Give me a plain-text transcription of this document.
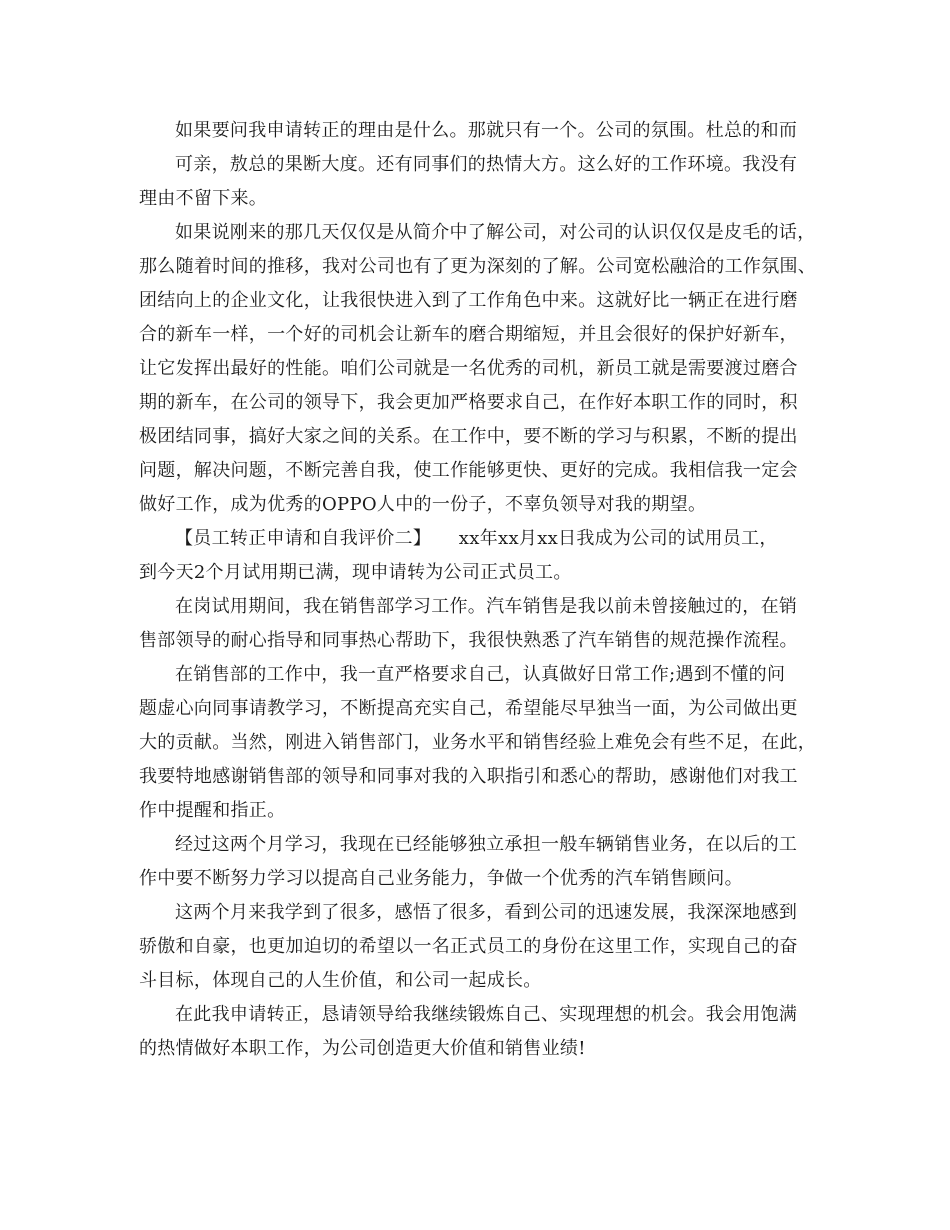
如果要问我申请转正的理由是什么。那就只有一个。公司的氛围。杜总的和而
可亲，敖总的果断大度。还有同事们的热情大方。这么好的工作环境。我没有
理由不留下来。
如果说刚来的那几天仅仅是从简介中了解公司，对公司的认识仅仅是皮毛的话，
那么随着时间的推移，我对公司也有了更为深刻的了解。公司宽松融洽的工作氛围、
团结向上的企业文化，让我很快进入到了工作角色中来。这就好比一辆正在进行磨
合的新车一样，一个好的司机会让新车的磨合期缩短，并且会很好的保护好新车，
让它发挥出最好的性能。咱们公司就是一名优秀的司机，新员工就是需要渡过磨合
期的新车，在公司的领导下，我会更加严格要求自己，在作好本职工作的同时，积
极团结同事，搞好大家之间的关系。在工作中，要不断的学习与积累，不断的提出
问题，解决问题，不断完善自我，使工作能够更快、更好的完成。我相信我一定会
做好工作，成为优秀的OPPO人中的一份子，不辜负领导对我的期望。
【员工转正申请和自我评价二】　　xx年xx月xx日我成为公司的试用员工，
到今天2个月试用期已满，现申请转为公司正式员工。
在岗试用期间，我在销售部学习工作。汽车销售是我以前未曾接触过的，在销
售部领导的耐心指导和同事热心帮助下，我很快熟悉了汽车销售的规范操作流程。
在销售部的工作中，我一直严格要求自己，认真做好日常工作;遇到不懂的问
题虚心向同事请教学习，不断提高充实自己，希望能尽早独当一面，为公司做出更
大的贡献。当然，刚进入销售部门，业务水平和销售经验上难免会有些不足，在此，
我要特地感谢销售部的领导和同事对我的入职指引和悉心的帮助，感谢他们对我工
作中提醒和指正。
经过这两个月学习，我现在已经能够独立承担一般车辆销售业务，在以后的工
作中要不断努力学习以提高自己业务能力，争做一个优秀的汽车销售顾问。
这两个月来我学到了很多，感悟了很多，看到公司的迅速发展，我深深地感到
骄傲和自豪，也更加迫切的希望以一名正式员工的身份在这里工作，实现自己的奋
斗目标，体现自己的人生价值，和公司一起成长。
在此我申请转正，恳请领导给我继续锻炼自己、实现理想的机会。我会用饱满
的热情做好本职工作，为公司创造更大价值和销售业绩!
